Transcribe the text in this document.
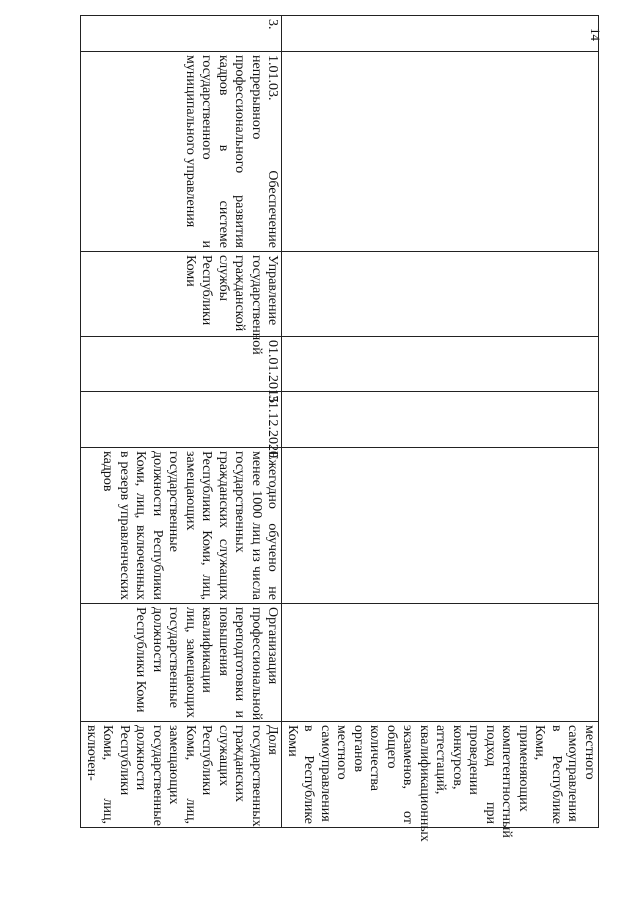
14
							местного самоуправления в Республике Коми, применяющих компетентностный подход при проведении конкурсов, аттестаций, квалификационных экзаменов, от общего количества органов местного самоуправления в Республике Коми
3.	1.01.03. Обеспечение непрерывного профессионального развития кадров в системе государственного и муниципального управления	Управление государственной гражданской службы Республики Коми	01.01.2015	31.12.2020	Ежегодно обучено не менее 1000 лиц из числа государственных гражданских служащих Республики Коми, лиц, замещающих государственные должности Республики Коми, лиц, включенных в резерв управленческих кадров	Организация профессиональной переподготовки и повышения квалификации лиц, замещающих государственные должности Республики Коми	Доля государственных гражданских служащих Республики Коми, лиц, замещающих государственные должности Республики Коми, лиц, включен-
